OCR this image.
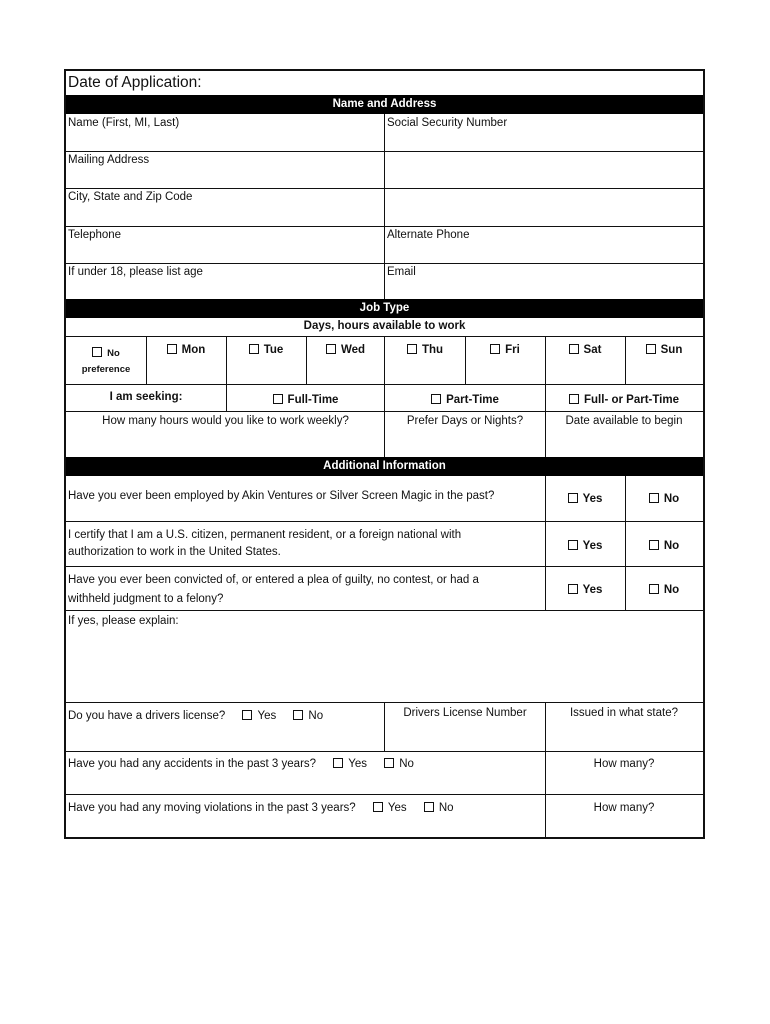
Date of Application:
Name and Address
Name (First, MI, Last)	Social Security Number
Mailing Address
City, State and Zip Code
Telephone	Alternate Phone
If under 18, please list age	Email
Job Type
Days, hours available to work
No
preference
Mon	Tue	Wed	Thu	Fri	Sat	Sun
I am seeking:	Full-Time	Part-Time	Full- or Part-Time
How many hours would you like to work weekly?	Prefer Days or Nights?	Date available to begin
Additional Information
Have you ever been employed by Akin Ventures or Silver Screen Magic in the past?	Yes	No
I certify that I am a U.S. citizen, permanent resident, or a foreign national with
authorization to work in the United States.	Yes	No
Have you ever been convicted of, or entered a plea of guilty, no contest, or had a
withheld judgment to a felony?
Yes	No
If yes, please explain:
Do you have a drivers license?	Yes	No	Drivers License Number	Issued in what state?
Have you had any accidents in the past 3 years?	Yes	No	How many?
Have you had any moving violations in the past 3 years?	Yes	No	How many?
